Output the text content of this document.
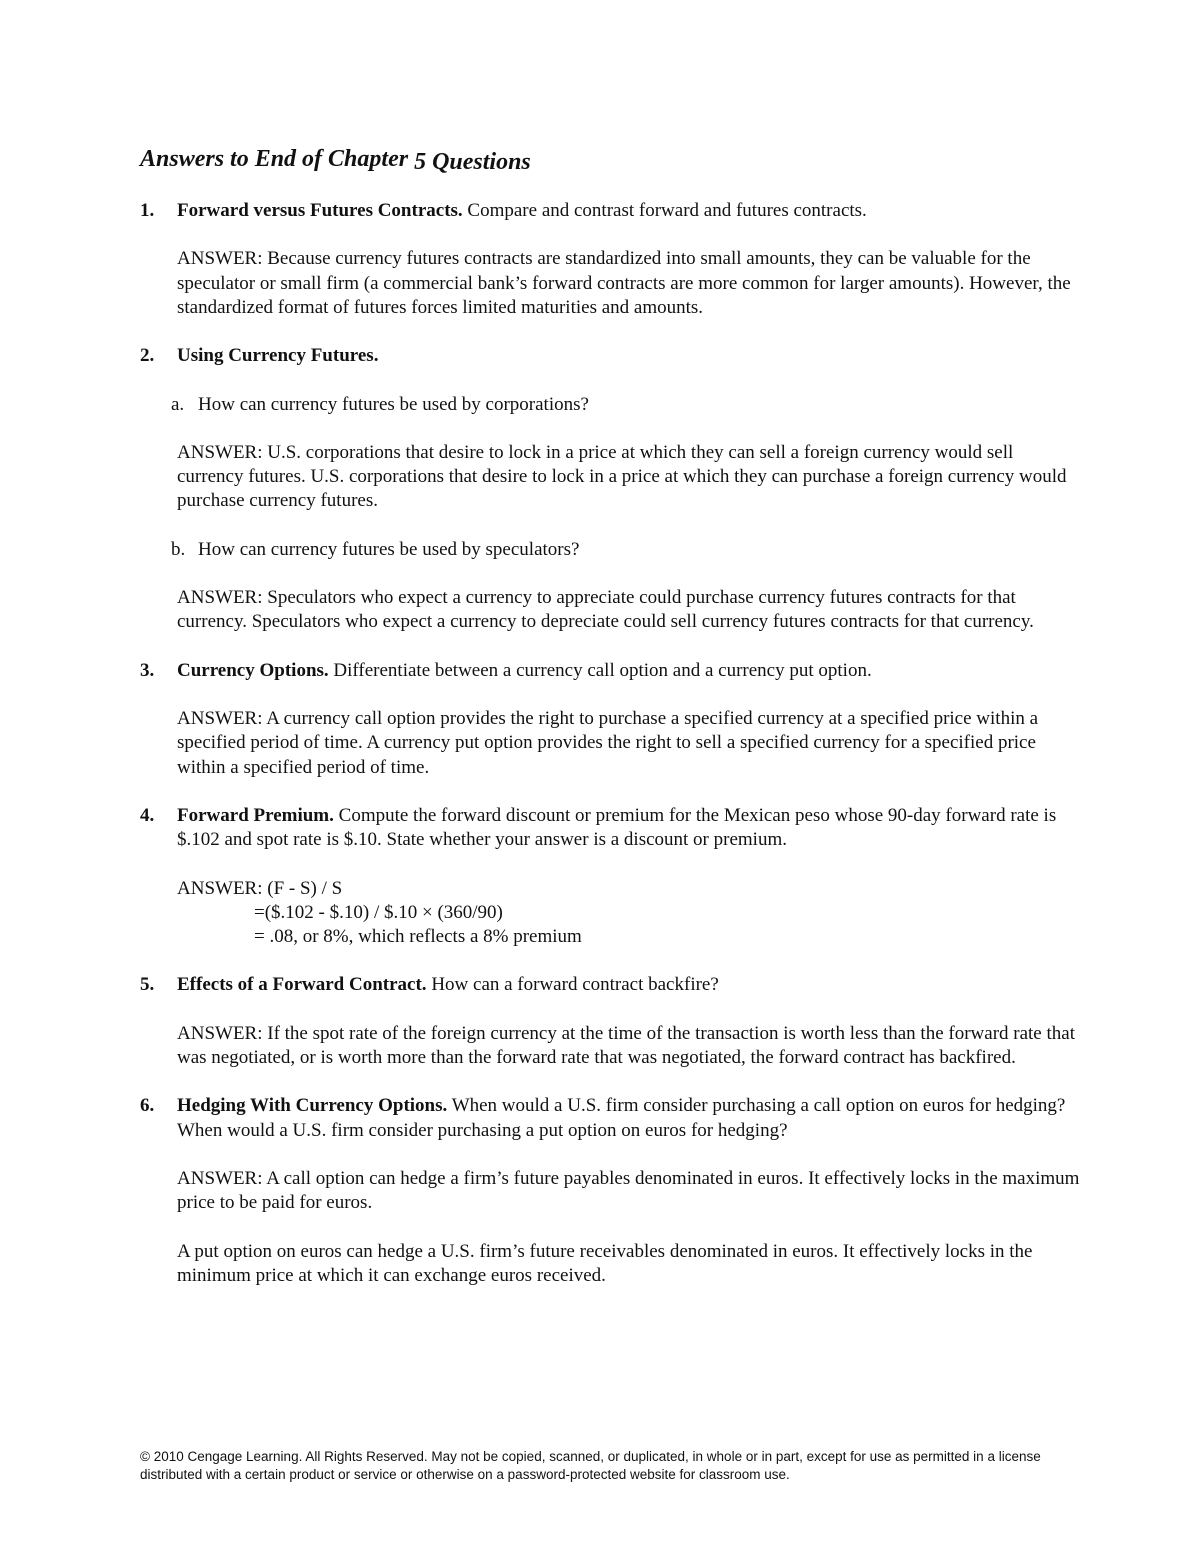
Answers to End of Chapter 5 Questions
1.	Forward versus Futures Contracts. Compare and contrast forward and futures contracts.
ANSWER: Because currency futures contracts are standardized into small amounts, they can be valuable for the speculator or small firm (a commercial bank’s forward contracts are more common for larger amounts). However, the standardized format of futures forces limited maturities and amounts.
2.	Using Currency Futures.
a. How can currency futures be used by corporations?
ANSWER: U.S. corporations that desire to lock in a price at which they can sell a foreign currency would sell currency futures. U.S. corporations that desire to lock in a price at which they can purchase a foreign currency would purchase currency futures.
b. How can currency futures be used by speculators?
ANSWER: Speculators who expect a currency to appreciate could purchase currency futures contracts for that currency. Speculators who expect a currency to depreciate could sell currency futures contracts for that currency.
3.	Currency Options. Differentiate between a currency call option and a currency put option.
ANSWER: A currency call option provides the right to purchase a specified currency at a specified price within a specified period of time. A currency put option provides the right to sell a specified currency for a specified price within a specified period of time.
4.	Forward Premium. Compute the forward discount or premium for the Mexican peso whose 90-day forward rate is $.102 and spot rate is $.10. State whether your answer is a discount or premium.
ANSWER: (F - S) / S

=($.102 - $.10) / $.10 × (360/90)
= .08, or 8%, which reflects a 8% premium
5.	Effects of a Forward Contract. How can a forward contract backfire?
ANSWER: If the spot rate of the foreign currency at the time of the transaction is worth less than the forward rate that was negotiated, or is worth more than the forward rate that was negotiated, the forward contract has backfired.
6.	Hedging With Currency Options. When would a U.S. firm consider purchasing a call option on euros for hedging? When would a U.S. firm consider purchasing a put option on euros for hedging?
ANSWER: A call option can hedge a firm’s future payables denominated in euros. It effectively locks in the maximum price to be paid for euros.
A put option on euros can hedge a U.S. firm’s future receivables denominated in euros. It effectively locks in the minimum price at which it can exchange euros received.
© 2010 Cengage Learning. All Rights Reserved. May not be copied, scanned, or duplicated, in whole or in part, except for use as permitted in a license distributed with a certain product or service or otherwise on a password-protected website for classroom use.
